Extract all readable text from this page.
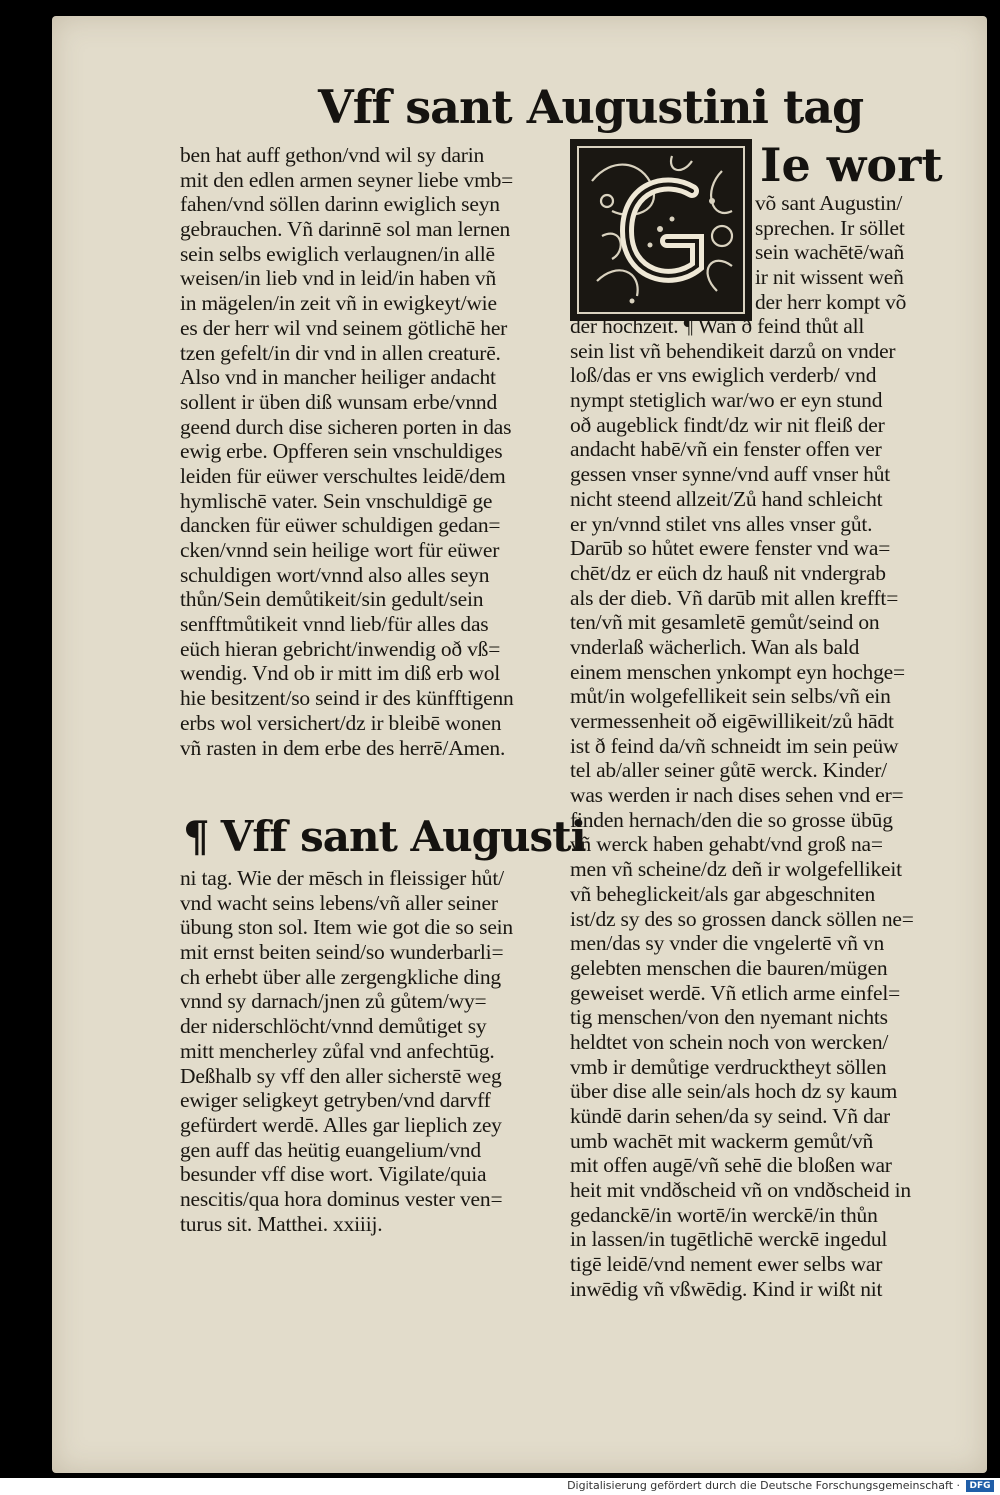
Vff sant Augustini tag
ben hat auff gethon/vnd wil sy darin
mit den edlen armen seyner liebe vmb=
fahen/vnd söllen darinn ewiglich seyn
gebrauchen. Vñ darinnē sol man lernen
sein selbs ewiglich verlaugnen/in allē
weisen/in lieb vnd in leid/in haben vñ
in mägelen/in zeit vñ in ewigkeyt/wie
es der herr wil vnd seinem götlichē her
tzen gefelt/in dir vnd in allen creaturē.
Also vnd in mancher heiliger andacht
sollent ir üben diß wunsam erbe/vnnd
geend durch dise sicheren porten in das
ewig erbe. Opfferen sein vnschuldiges
leiden für eüwer verschultes leidē/dem
hymlischē vater. Sein vnschuldigē ge
dancken für eüwer schuldigen gedan=
cken/vnnd sein heilige wort für eüwer
schuldigen wort/vnnd also alles seyn
thůn/Sein demůtikeit/sin gedult/sein
senfftmůtikeit vnnd lieb/für alles das
eüch hieran gebricht/inwendig oð vß=
wendig. Vnd ob ir mitt im diß erb wol
hie besitzent/so seind ir des künfftigenn
erbs wol versichert/dz ir bleibē wonen
vñ rasten in dem erbe des herrē/Amen.
¶ Vff sant Augusti
ni tag. Wie der mēsch in fleissiger hůt/
vnd wacht seins lebens/vñ aller seiner
übung ston sol. Item wie got die so sein
mit ernst beiten seind/so wunderbarli=
ch erhebt über alle zergengkliche ding
vnnd sy darnach/jnen zů gůtem/wy=
der niderschlöcht/vnnd demůtiget sy
mitt mencherley zůfal vnd anfechtūg.
Deßhalb sy vff den aller sicherstē weg
ewiger seligkeyt getryben/vnd darvff
gefürdert werdē. Alles gar lieplich zey
gen auff das heütig euangelium/vnd
besunder vff dise wort. Vigilate/quia
nescitis/qua hora dominus vester ven=
turus sit. Matthei. xxiiij.
Ie wort
võ sant Augustin/
sprechen. Ir söllet
sein wachētē/wañ
ir nit wissent weñ
der herr kompt võ
der hochzeit. ¶ Wañ ð feind thůt all
sein list vñ behendikeit darzů on vnder
loß/das er vns ewiglich verderb/ vnd
nympt stetiglich war/wo er eyn stund
oð augeblick findt/dz wir nit fleiß der
andacht habē/vñ ein fenster offen ver
gessen vnser synne/vnd auff vnser hůt
nicht steend allzeit/Zů hand schleicht
er yn/vnnd stilet vns alles vnser gůt.
Darūb so hůtet ewere fenster vnd wa=
chēt/dz er eüch dz hauß nit vndergrab
als der dieb. Vñ darūb mit allen krefft=
ten/vñ mit gesamletē gemůt/seind on
vnderlaß wächerlich. Wan als bald
einem menschen ynkompt eyn hochge=
můt/in wolgefellikeit sein selbs/vñ ein
vermessenheit oð eigēwillikeit/zů hādt
ist ð feind da/vñ schneidt im sein peüw
tel ab/aller seiner gůtē werck. Kinder/
was werden ir nach dises sehen vnd er=
finden hernach/den die so grosse übūg
vñ werck haben gehabt/vnd groß na=
men vñ scheine/dz deñ ir wolgefellikeit
vñ beheglickeit/als gar abgeschniten
ist/dz sy des so grossen danck söllen ne=
men/das sy vnder die vngelertē vñ vn
gelebten menschen die bauren/mügen
geweiset werdē. Vñ etlich arme einfel=
tig menschen/von den nyemant nichts
heldtet von schein noch von wercken/
vmb ir demůtige verdrucktheyt söllen
über dise alle sein/als hoch dz sy kaum
kündē darin sehen/da sy seind. Vñ dar
umb wachēt mit wackerm gemůt/vñ
mit offen augē/vñ sehē die bloßen war
heit mit vndðscheid vñ on vndðscheid in
gedanckē/in wortē/in werckē/in thůn
in lassen/in tugētlichē werckē ingedul
tigē leidē/vnd nement ewer selbs war
inwēdig vñ vßwēdig. Kind ir wißt nit
Digitalisierung gefördert durch die Deutsche Forschungsgemeinschaft ·	DFG
